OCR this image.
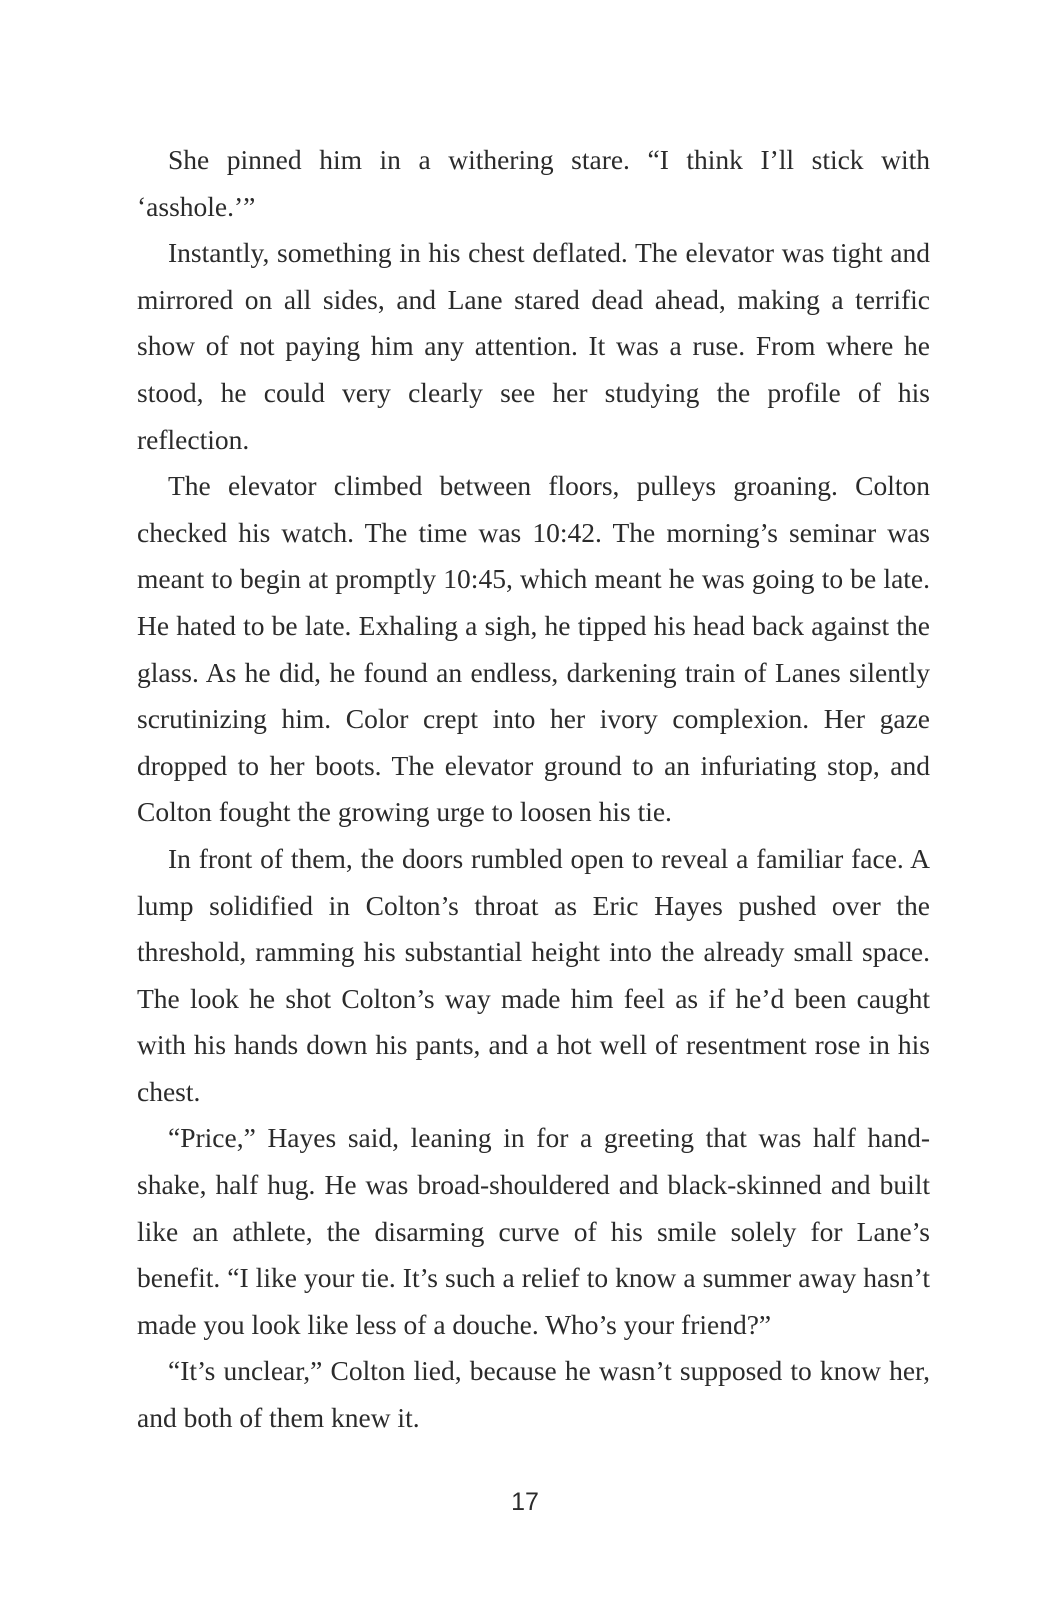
She pinned him in a withering stare. “I think I’ll stick with ‘asshole.’”

Instantly, something in his chest deflated. The elevator was tight and mirrored on all sides, and Lane stared dead ahead, making a terrific show of not paying him any attention. It was a ruse. From where he stood, he could very clearly see her studying the profile of his reflection.

The elevator climbed between floors, pulleys groaning. Colton checked his watch. The time was 10:42. The morning’s seminar was meant to begin at promptly 10:45, which meant he was going to be late. He hated to be late. Exhaling a sigh, he tipped his head back against the glass. As he did, he found an endless, darkening train of Lanes silently scrutinizing him. Color crept into her ivory complexion. Her gaze dropped to her boots. The elevator ground to an infuriating stop, and Colton fought the growing urge to loosen his tie.

In front of them, the doors rumbled open to reveal a familiar face. A lump solidified in Colton’s throat as Eric Hayes pushed over the threshold, ramming his substantial height into the already small space. The look he shot Colton’s way made him feel as if he’d been caught with his hands down his pants, and a hot well of resentment rose in his chest.

“Price,” Hayes said, leaning in for a greeting that was half hand-shake, half hug. He was broad-shouldered and black-skinned and built like an athlete, the disarming curve of his smile solely for Lane’s benefit. “I like your tie. It’s such a relief to know a summer away hasn’t made you look like less of a douche. Who’s your friend?”

“It’s unclear,” Colton lied, because he wasn’t supposed to know her, and both of them knew it.

17
